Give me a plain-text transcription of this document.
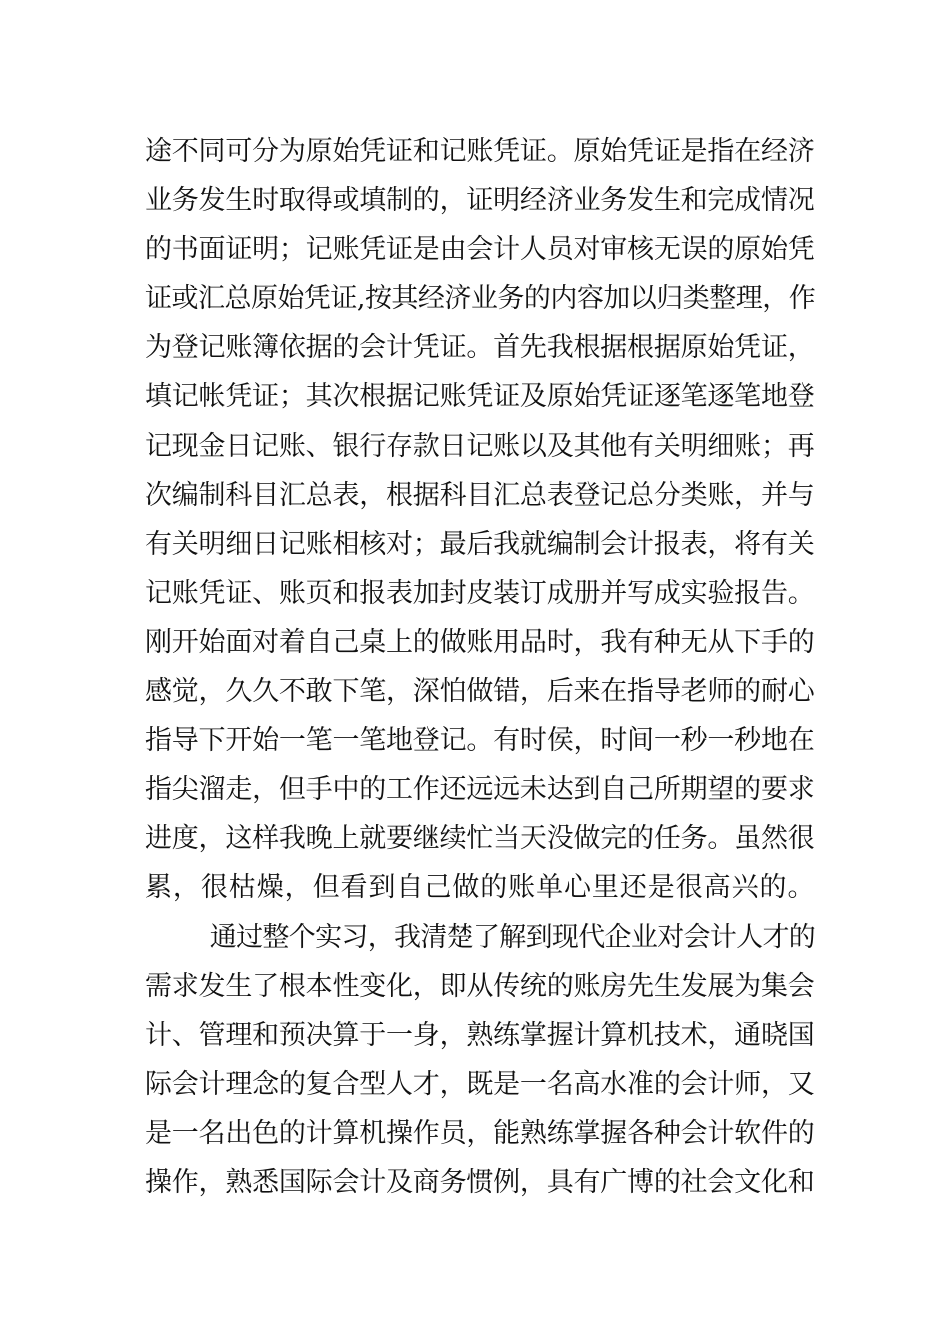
途不同可分为原始凭证和记账凭证。原始凭证是指在经济
业务发生时取得或填制的，证明经济业务发生和完成情况
的书面证明；记账凭证是由会计人员对审核无误的原始凭
证或汇总原始凭证,按其经济业务的内容加以归类整理，作
为登记账簿依据的会计凭证。首先我根据根据原始凭证，
填记帐凭证；其次根据记账凭证及原始凭证逐笔逐笔地登
记现金日记账、银行存款日记账以及其他有关明细账；再
次编制科目汇总表，根据科目汇总表登记总分类账，并与
有关明细日记账相核对；最后我就编制会计报表，将有关
记账凭证、账页和报表加封皮装订成册并写成实验报告。
刚开始面对着自己桌上的做账用品时，我有种无从下手的
感觉，久久不敢下笔，深怕做错，后来在指导老师的耐心
指导下开始一笔一笔地登记。有时侯，时间一秒一秒地在
指尖溜走，但手中的工作还远远未达到自己所期望的要求
进度，这样我晚上就要继续忙当天没做完的任务。虽然很
累，很枯燥，但看到自己做的账单心里还是很高兴的。
通过整个实习，我清楚了解到现代企业对会计人才的
需求发生了根本性变化，即从传统的账房先生发展为集会
计、管理和预决算于一身，熟练掌握计算机技术，通晓国
际会计理念的复合型人才，既是一名高水准的会计师，又
是一名出色的计算机操作员，能熟练掌握各种会计软件的
操作，熟悉国际会计及商务惯例，具有广博的社会文化和
